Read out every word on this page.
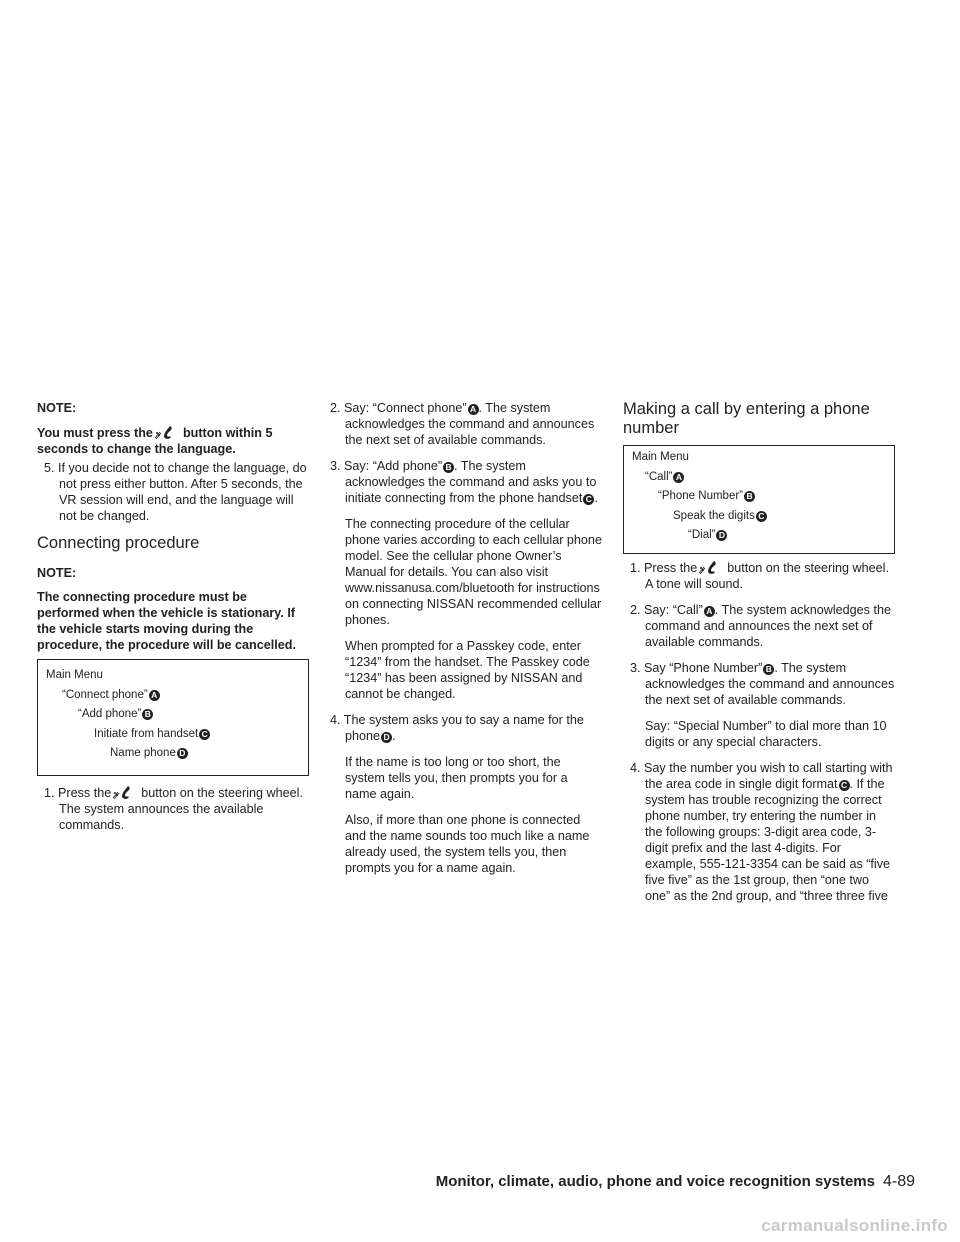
NOTE:

You must press the button within 5 seconds to change the language.

5. If you decide not to change the language, do not press either button. After 5 seconds, the VR session will end, and the language will not be changed.

Connecting procedure

NOTE:

The connecting procedure must be performed when the vehicle is stationary. If the vehicle starts moving during the procedure, the procedure will be cancelled.

Main Menu
“Connect phone” A
“Add phone” B
Initiate from handset C
Name phone D

1. Press the button on the steering wheel. The system announces the available commands.

2. Say: “Connect phone” A . The system acknowledges the command and announces the next set of available commands.

3. Say: “Add phone” B . The system acknowledges the command and asks you to initiate connecting from the phone handset C .

The connecting procedure of the cellular phone varies according to each cellular phone model. See the cellular phone Owner’s Manual for details. You can also visit www.nissanusa.com/bluetooth for instructions on connecting NISSAN recommended cellular phones.

When prompted for a Passkey code, enter “1234” from the handset. The Passkey code “1234” has been assigned by NISSAN and cannot be changed.

4. The system asks you to say a name for the phone D .

If the name is too long or too short, the system tells you, then prompts you for a name again.

Also, if more than one phone is connected and the name sounds too much like a name already used, the system tells you, then prompts you for a name again.

Making a call by entering a phone number
Main Menu
“Call” A
“Phone Number” B
Speak the digits C
“Dial” D

1. Press the button on the steering wheel. A tone will sound.

2. Say: “Call” A . The system acknowledges the command and announces the next set of available commands.

3. Say “Phone Number” B . The system acknowledges the command and announces the next set of available commands.

Say: “Special Number” to dial more than 10 digits or any special characters.

4. Say the number you wish to call starting with the area code in single digit format C . If the system has trouble recognizing the correct phone number, try entering the number in the following groups: 3-digit area code, 3-digit prefix and the last 4-digits. For example, 555-121-3354 can be said as “five five five” as the 1st group, then “one two one” as the 2nd group, and “three three five

Monitor, climate, audio, phone and voice recognition systems 4-89
carmanualsonline.info
